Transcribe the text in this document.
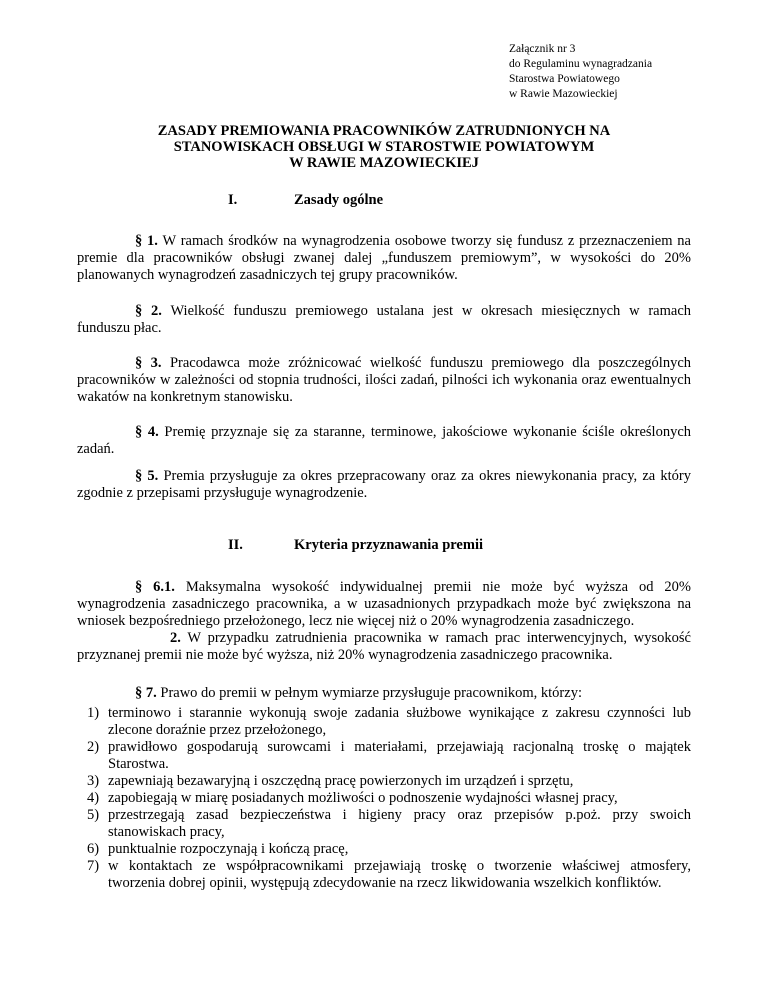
Załącznik nr 3
do Regulaminu wynagradzania
Starostwa Powiatowego
w Rawie Mazowieckiej
ZASADY PREMIOWANIA PRACOWNIKÓW ZATRUDNIONYCH NA
STANOWISKACH OBSŁUGI W STAROSTWIE POWIATOWYM
W RAWIE MAZOWIECKIEJ
I.	Zasady ogólne
§ 1. W ramach środków na wynagrodzenia osobowe tworzy się fundusz z przeznaczeniem na premie dla pracowników obsługi zwanej dalej „funduszem premiowym”, w wysokości do 20% planowanych wynagrodzeń zasadniczych tej grupy pracowników.
§ 2. Wielkość funduszu premiowego ustalana jest w okresach miesięcznych w ramach funduszu płac.
§ 3. Pracodawca może zróżnicować wielkość funduszu premiowego dla poszczególnych pracowników w zależności od stopnia trudności, ilości zadań, pilności ich wykonania oraz ewentualnych wakatów na konkretnym stanowisku.
§ 4. Premię przyznaje się za staranne, terminowe, jakościowe wykonanie ściśle określonych zadań.
§ 5. Premia przysługuje za okres przepracowany oraz za okres niewykonania pracy, za który zgodnie z przepisami przysługuje wynagrodzenie.
II.	Kryteria przyznawania premii
§ 6.1. Maksymalna wysokość indywidualnej premii nie może być wyższa od 20% wynagrodzenia zasadniczego pracownika, a w uzasadnionych przypadkach może być zwiększona na wniosek bezpośredniego przełożonego, lecz nie więcej niż o 20% wynagrodzenia zasadniczego.
2. W przypadku zatrudnienia pracownika w ramach prac interwencyjnych, wysokość przyznanej premii nie może być wyższa, niż 20% wynagrodzenia zasadniczego pracownika.
§ 7. Prawo do premii w pełnym wymiarze przysługuje pracownikom, którzy:
1) terminowo i starannie wykonują swoje zadania służbowe wynikające z zakresu czynności lub zlecone doraźnie przez przełożonego,
2) prawidłowo gospodarują surowcami i materiałami, przejawiają racjonalną troskę o majątek Starostwa.
3) zapewniają bezawaryjną i oszczędną pracę powierzonych im urządzeń i sprzętu,
4) zapobiegają w miarę posiadanych możliwości o podnoszenie wydajności własnej pracy,
5) przestrzegają zasad bezpieczeństwa i higieny pracy oraz przepisów p.poż. przy swoich stanowiskach pracy,
6) punktualnie rozpoczynają i kończą pracę,
7) w kontaktach ze współpracownikami przejawiają troskę o tworzenie właściwej atmosfery, tworzenia dobrej opinii, występują zdecydowanie na rzecz likwidowania wszelkich konfliktów.
